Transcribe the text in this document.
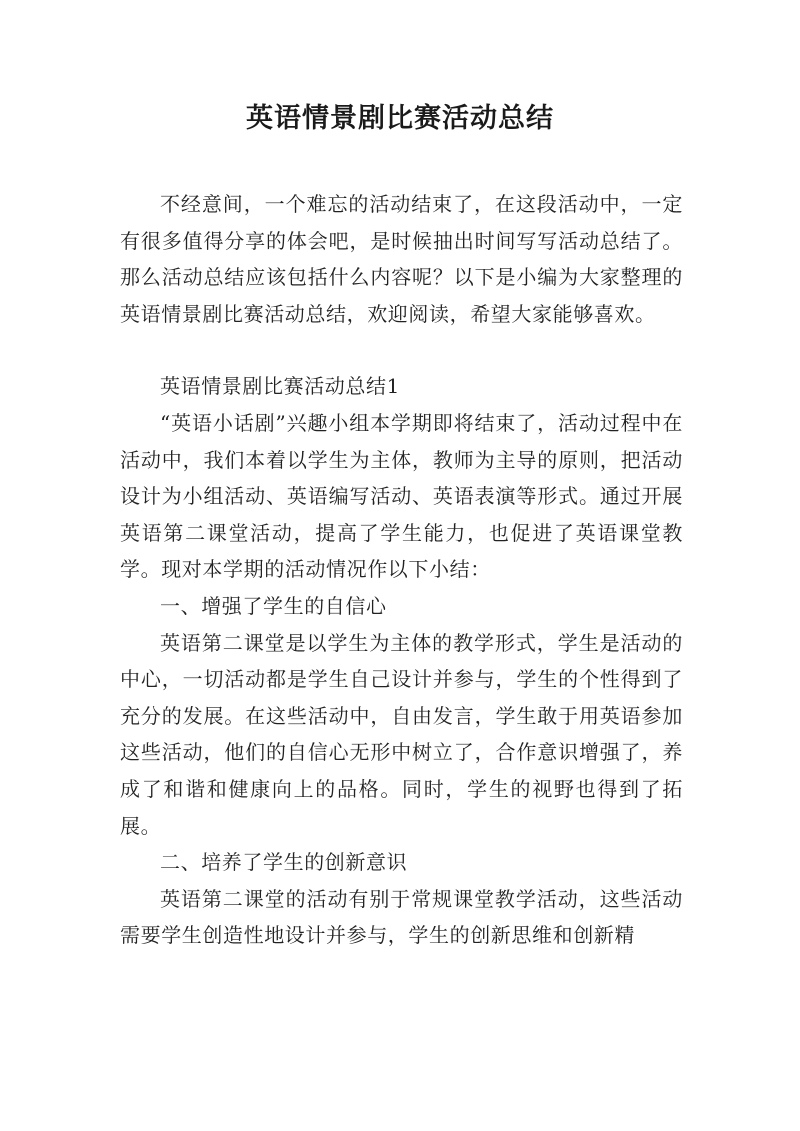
英语情景剧比赛活动总结

不经意间，一个难忘的活动结束了，在这段活动中，一定有很多值得分享的体会吧，是时候抽出时间写写活动总结了。那么活动总结应该包括什么内容呢？以下是小编为大家整理的英语情景剧比赛活动总结，欢迎阅读，希望大家能够喜欢。

英语情景剧比赛活动总结1

“英语小话剧”兴趣小组本学期即将结束了，活动过程中在活动中，我们本着以学生为主体，教师为主导的原则，把活动设计为小组活动、英语编写活动、英语表演等形式。通过开展英语第二课堂活动，提高了学生能力，也促进了英语课堂教学。现对本学期的活动情况作以下小结：

一、增强了学生的自信心

英语第二课堂是以学生为主体的教学形式，学生是活动的中心，一切活动都是学生自己设计并参与，学生的个性得到了充分的发展。在这些活动中，自由发言，学生敢于用英语参加这些活动，他们的自信心无形中树立了，合作意识增强了，养成了和谐和健康向上的品格。同时，学生的视野也得到了拓展。

二、培养了学生的创新意识

英语第二课堂的活动有别于常规课堂教学活动，这些活动需要学生创造性地设计并参与，学生的创新思维和创新精
